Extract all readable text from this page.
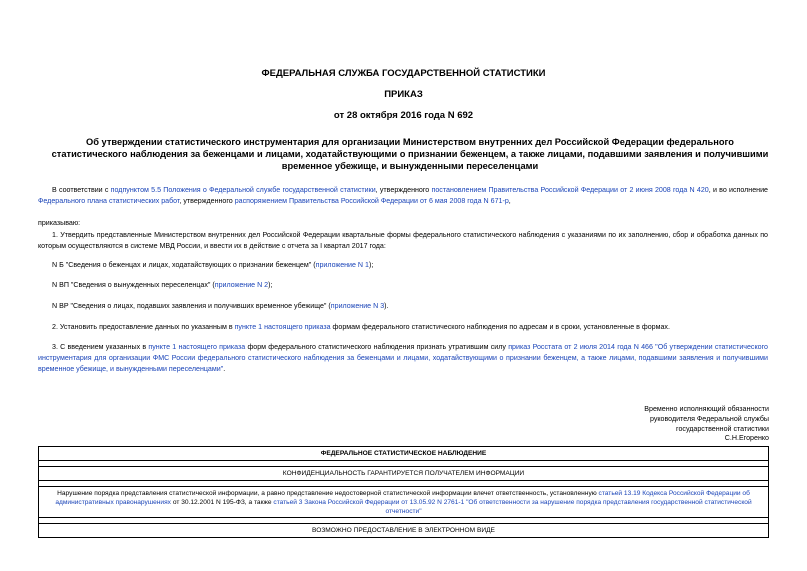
ФЕДЕРАЛЬНАЯ СЛУЖБА ГОСУДАРСТВЕННОЙ СТАТИСТИКИ
ПРИКАЗ
от 28 октября 2016 года N 692
Об утверждении статистического инструментария для организации Министерством внутренних дел Российской Федерации федерального статистического наблюдения за беженцами и лицами, ходатайствующими о признании беженцем, а также лицами, подавшими заявления и получившими временное убежище, и вынужденными переселенцами
В соответствии с подпунктом 5.5 Положения о Федеральной службе государственной статистики, утвержденного постановлением Правительства Российской Федерации от 2 июня 2008 года N 420, и во исполнение Федерального плана статистических работ, утвержденного распоряжением Правительства Российской Федерации от 6 мая 2008 года N 671-р,
приказываю:
1. Утвердить представленные Министерством внутренних дел Российской Федерации квартальные формы федерального статистического наблюдения с указаниями по их заполнению, сбор и обработка данных по которым осуществляются в системе МВД России, и ввести их в действие с отчета за I квартал 2017 года:
N Б "Сведения о беженцах и лицах, ходатайствующих о признании беженцем" (приложение N 1);
N ВП "Сведения о вынужденных переселенцах" (приложение N 2);
N ВР "Сведения о лицах, подавших заявления и получивших временное убежище" (приложение N 3).
2. Установить предоставление данных по указанным в пункте 1 настоящего приказа формам федерального статистического наблюдения по адресам и в сроки, установленные в формах.
3. С введением указанных в пункте 1 настоящего приказа форм федерального статистического наблюдения признать утратившим силу приказ Росстата от 2 июля 2014 года N 466 "Об утверждении статистического инструментария для организации ФМС России федерального статистического наблюдения за беженцами и лицами, ходатайствующими о признании беженцем, а также лицами, подавшими заявления и получившими временное убежище, и вынужденными переселенцами".
Временно исполняющий обязанности
руководителя Федеральной службы
государственной статистики
С.Н.Егоренко
ФЕДЕРАЛЬНОЕ СТАТИСТИЧЕСКОЕ НАБЛЮДЕНИЕ

КОНФИДЕНЦИАЛЬНОСТЬ ГАРАНТИРУЕТСЯ ПОЛУЧАТЕЛЕМ ИНФОРМАЦИИ

Нарушение порядка представления статистической информации, а равно представление недостоверной статистической информации влечет ответственность, установленную статьей 13.19 Кодекса Российской Федерации об административных правонарушениях от 30.12.2001 N 195-ФЗ, а также статьей 3 Закона Российской Федерации от 13.05.92 N 2761-1 "Об ответственности за нарушение порядка представления государственной статистической отчетности"

ВОЗМОЖНО ПРЕДОСТАВЛЕНИЕ В ЭЛЕКТРОННОМ ВИДЕ
